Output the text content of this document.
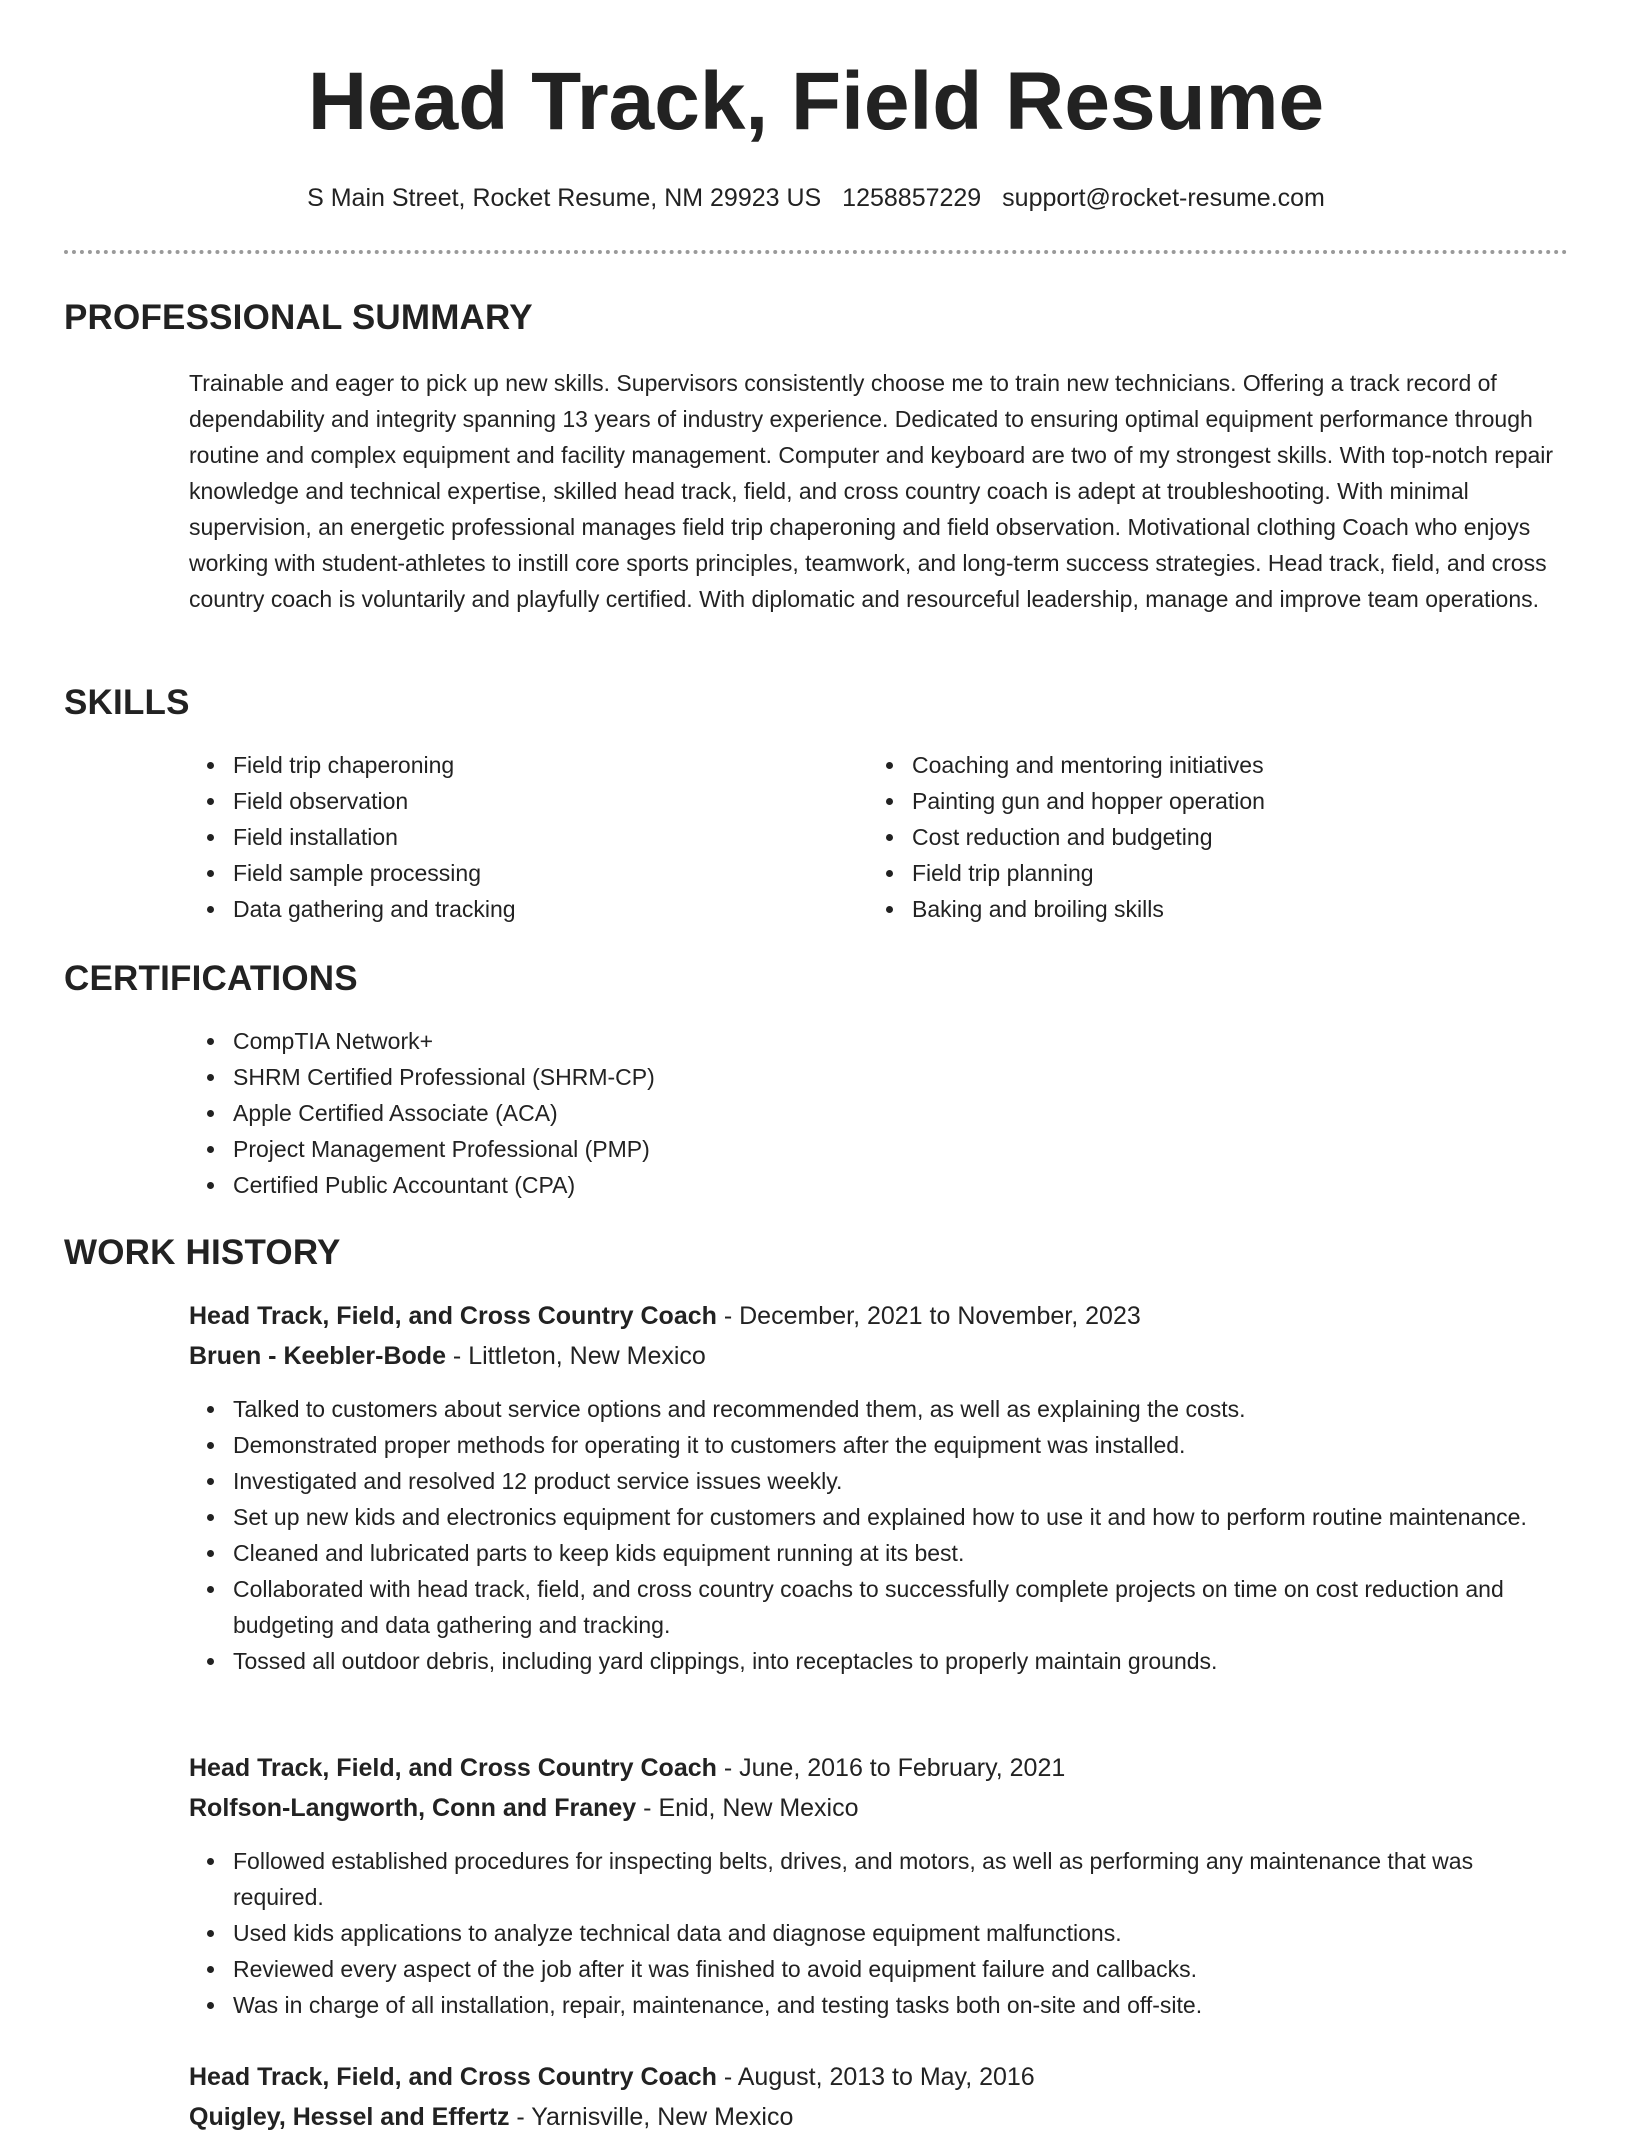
Head Track, Field Resume
S Main Street, Rocket Resume, NM 29923 US 1258857229 support@rocket-resume.com
PROFESSIONAL SUMMARY

Trainable and eager to pick up new skills. Supervisors consistently choose me to train new technicians. Offering a track record of dependability and integrity spanning 13 years of industry experience. Dedicated to ensuring optimal equipment performance through routine and complex equipment and facility management. Computer and keyboard are two of my strongest skills. With top-notch repair knowledge and technical expertise, skilled head track, field, and cross country coach is adept at troubleshooting. With minimal supervision, an energetic professional manages field trip chaperoning and field observation. Motivational clothing Coach who enjoys working with student-athletes to instill core sports principles, teamwork, and long-term success strategies. Head track, field, and cross country coach is voluntarily and playfully certified. With diplomatic and resourceful leadership, manage and improve team operations.

SKILLS
Field trip chaperoning
Field observation
Field installation
Field sample processing
Data gathering and tracking
Coaching and mentoring initiatives
Painting gun and hopper operation
Cost reduction and budgeting
Field trip planning
Baking and broiling skills
CERTIFICATIONS
CompTIA Network+
SHRM Certified Professional (SHRM-CP)
Apple Certified Associate (ACA)
Project Management Professional (PMP)
Certified Public Accountant (CPA)
WORK HISTORY
Head Track, Field, and Cross Country Coach - December, 2021 to November, 2023
Bruen - Keebler-Bode - Littleton, New Mexico
Talked to customers about service options and recommended them, as well as explaining the costs.
Demonstrated proper methods for operating it to customers after the equipment was installed.
Investigated and resolved 12 product service issues weekly.
Set up new kids and electronics equipment for customers and explained how to use it and how to perform routine maintenance.
Cleaned and lubricated parts to keep kids equipment running at its best.
Collaborated with head track, field, and cross country coachs to successfully complete projects on time on cost reduction and budgeting and data gathering and tracking.
Tossed all outdoor debris, including yard clippings, into receptacles to properly maintain grounds.
Head Track, Field, and Cross Country Coach - June, 2016 to February, 2021
Rolfson-Langworth, Conn and Franey - Enid, New Mexico
Followed established procedures for inspecting belts, drives, and motors, as well as performing any maintenance that was required.
Used kids applications to analyze technical data and diagnose equipment malfunctions.
Reviewed every aspect of the job after it was finished to avoid equipment failure and callbacks.
Was in charge of all installation, repair, maintenance, and testing tasks both on-site and off-site.
Head Track, Field, and Cross Country Coach - August, 2013 to May, 2016
Quigley, Hessel and Effertz - Yarnisville, New Mexico
